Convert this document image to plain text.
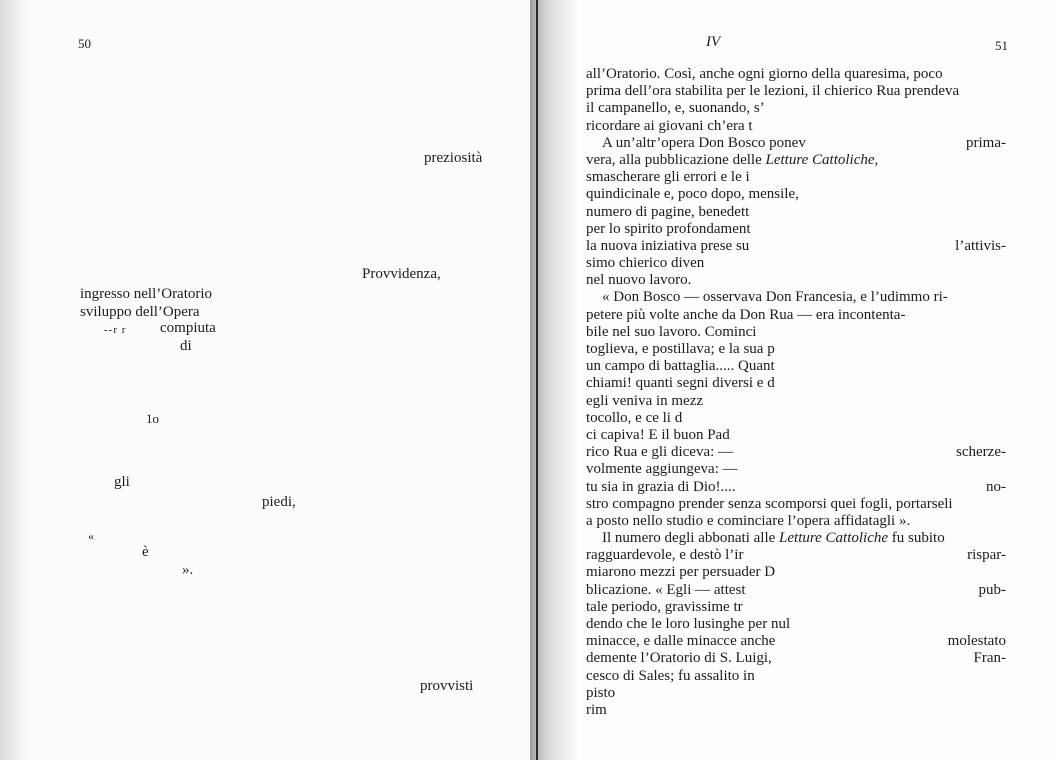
50
preziosità
Provvidenza,
ingresso nell’Oratorio
sviluppo dell’Opera
--r r compiuta
di
1o
gli
piedi,
«
è
».
provvisti
IV	51
all’Oratorio. Così, anche ogni giorno della quaresima, poco
prima dell’ora stabilita per le lezioni, il chierico Rua prendeva
il campanello, e, suonando, s’
ricordare ai giovani ch’era t
A un’altr’opera Don Bosco ponev	prima-
vera, alla pubblicazione delle Letture Cattoliche,
smascherare gli errori e le i
quindicinale e, poco dopo, mensile,
numero di pagine, benedett
per lo spirito profondament
la nuova iniziativa prese su	l’attivis-
simo chierico diven
nel nuovo lavoro.
« Don Bosco — osservava Don Francesia, e l’udimmo ri-
petere più volte anche da Don Rua — era incontenta-
bile nel suo lavoro. Cominci
toglieva, e postillava; e la sua p
un campo di battaglia..... Quant
chiami! quanti segni diversi e d
egli veniva in mezz
tocollo, e ce li d
ci capiva! E il buon Pad
rico Rua e gli diceva: —	scherze-
volmente aggiungeva: —
tu sia in grazia di Dio!....	no-
stro compagno prender senza scomporsi quei fogli, portarseli
a posto nello studio e cominciare l’opera affidatagli ».
Il numero degli abbonati alle Letture Cattoliche fu subito
ragguardevole, e destò l’ir	rispar-
miarono mezzi per persuader D
blicazione. « Egli — attest	pub-
tale periodo, gravissime tr
dendo che le loro lusinghe per nul
minacce, e dalle minacce anche	molestato
demente l’Oratorio di S. Luigi,	Fran-
cesco di Sales; fu assalito in
pisto
rim
